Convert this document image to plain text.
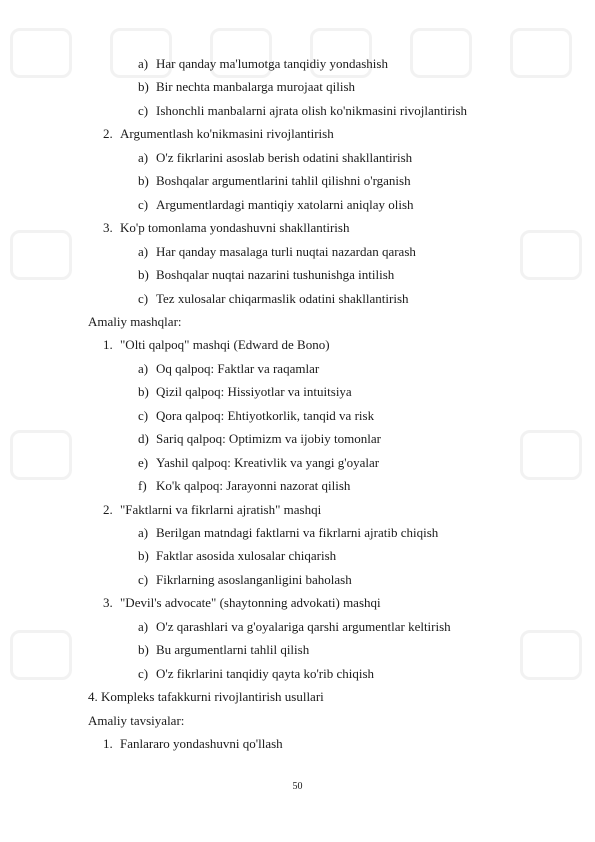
a) Har qanday ma'lumotga tanqidiy yondashish
b) Bir nechta manbalarga murojaat qilish
c) Ishonchli manbalarni ajrata olish ko'nikmasini rivojlantirish
2. Argumentlash ko'nikmasini rivojlantirish
a) O'z fikrlarini asoslab berish odatini shakllantirish
b) Boshqalar argumentlarini tahlil qilishni o'rganish
c) Argumentlardagi mantiqiy xatolarni aniqlay olish
3. Ko'p tomonlama yondashuvni shakllantirish
a) Har qanday masalaga turli nuqtai nazardan qarash
b) Boshqalar nuqtai nazarini tushunishga intilish
c) Tez xulosalar chiqarmaslik odatini shakllantirish
Amaliy mashqlar:
1. "Olti qalpoq" mashqi (Edward de Bono)
a) Oq qalpoq: Faktlar va raqamlar
b) Qizil qalpoq: Hissiyotlar va intuitsiya
c) Qora qalpoq: Ehtiyotkorlik, tanqid va risk
d) Sariq qalpoq: Optimizm va ijobiy tomonlar
e) Yashil qalpoq: Kreativlik va yangi g'oyalar
f) Ko'k qalpoq: Jarayonni nazorat qilish
2. "Faktlarni va fikrlarni ajratish" mashqi
a) Berilgan matndagi faktlarni va fikrlarni ajratib chiqish
b) Faktlar asosida xulosalar chiqarish
c) Fikrlarning asoslanganligini baholash
3. "Devil's advocate" (shaytonning advokati) mashqi
a) O'z qarashlari va g'oyalariga qarshi argumentlar keltirish
b) Bu argumentlarni tahlil qilish
c) O'z fikrlarini tanqidiy qayta ko'rib chiqish
4. Kompleks tafakkurni rivojlantirish usullari
Amaliy tavsiyalar:
1. Fanlararo yondashuvni qo'llash
50
